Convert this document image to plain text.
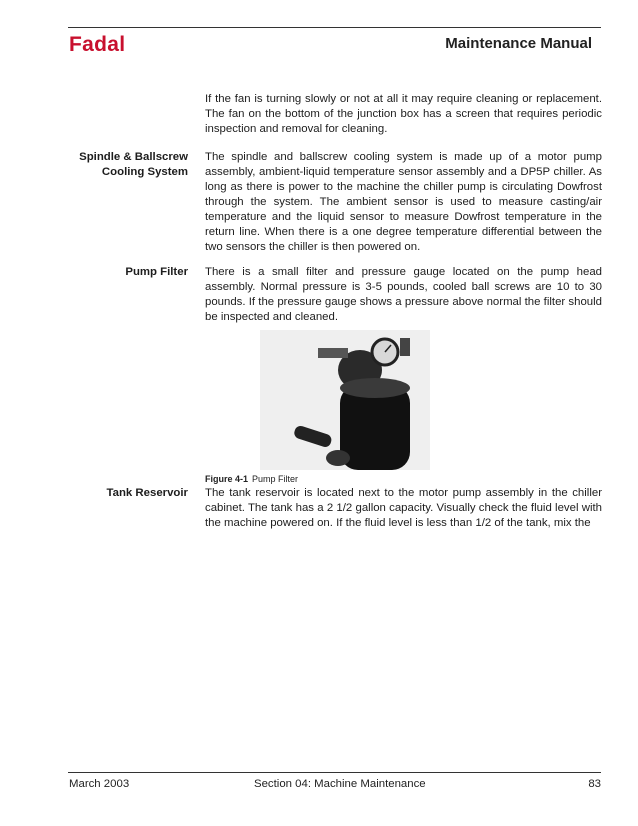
Fadal	Maintenance Manual
If the fan is turning slowly or not at all it may require cleaning or replacement. The fan on the bottom of the junction box has a screen that requires periodic inspection and removal for cleaning.
Spindle & Ballscrew
Cooling System
The spindle and ballscrew cooling system is made up of a motor pump assembly, ambient-liquid temperature sensor assembly and a DP5P chiller. As long as there is power to the machine the chiller pump is circulating Dowfrost through the system. The ambient sensor is used to measure casting/air temperature and the liquid sensor to measure Dowfrost temperature in the return line. When there is a one degree temperature differential between the two sensors the chiller is then powered on.
Pump Filter There is a small filter and pressure gauge located on the pump head assembly. Normal pressure is 3-5 pounds, cooled ball screws are 10 to 30 pounds. If the pressure gauge shows a pressure above normal the filter should be inspected and cleaned.
Figure 4-1 Pump Filter
Tank Reservoir The tank reservoir is located next to the motor pump assembly in the chiller cabinet. The tank has a 2 1/2 gallon capacity. Visually check the fluid level with the machine powered on. If the fluid level is less than 1/2 of the tank, mix the
March 2003	Section 04: Machine Maintenance	83
